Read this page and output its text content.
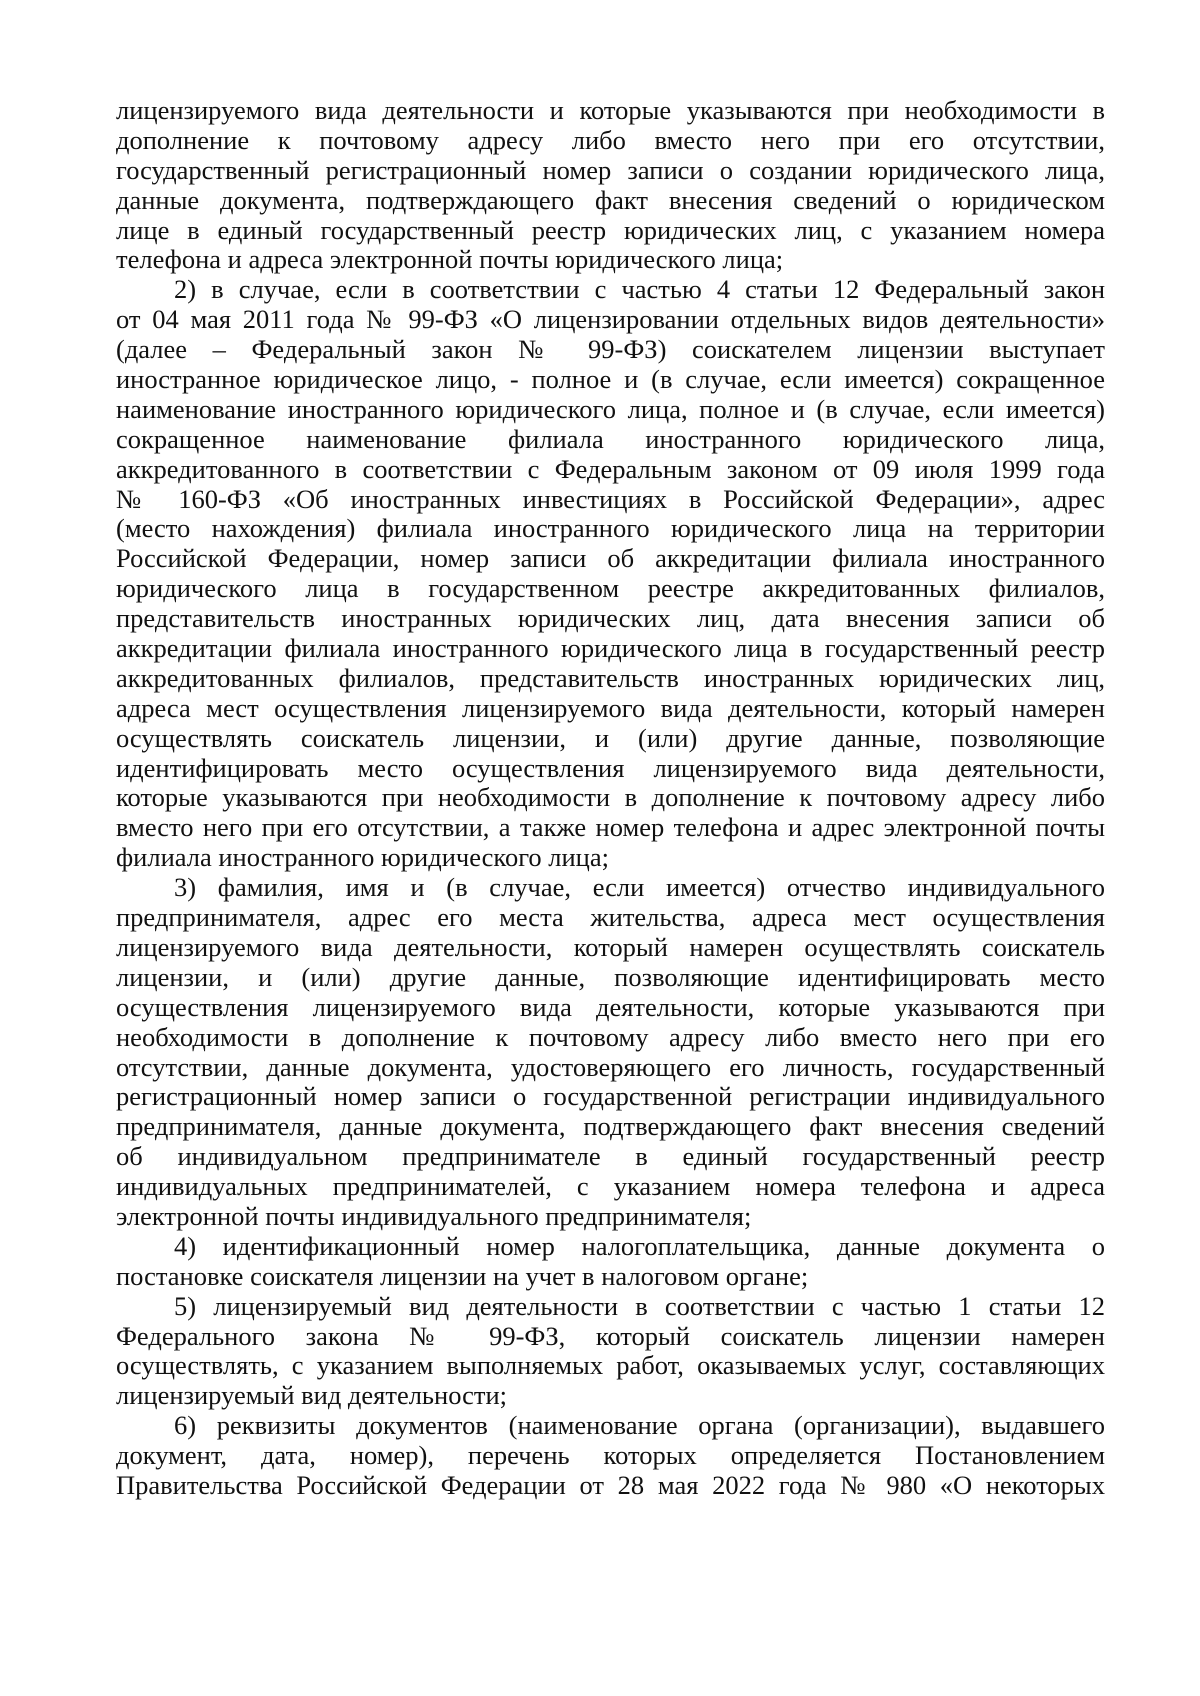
лицензируемого вида деятельности и которые указываются при необходимости в
дополнение к почтовому адресу либо вместо него при его отсутствии,
государственный регистрационный номер записи о создании юридического лица,
данные документа, подтверждающего факт внесения сведений о юридическом
лице в единый государственный реестр юридических лиц, с указанием номера
телефона и адреса электронной почты юридического лица;
2) в случае, если в соответствии с частью 4 статьи 12 Федеральный закон
от 04 мая 2011 года № 99-ФЗ «О лицензировании отдельных видов деятельности»
(далее – Федеральный закон № 99-ФЗ) соискателем лицензии выступает
иностранное юридическое лицо, - полное и (в случае, если имеется) сокращенное
наименование иностранного юридического лица, полное и (в случае, если имеется)
сокращенное наименование филиала иностранного юридического лица,
аккредитованного в соответствии с Федеральным законом от 09 июля 1999 года
№ 160-ФЗ «Об иностранных инвестициях в Российской Федерации», адрес
(место нахождения) филиала иностранного юридического лица на территории
Российской Федерации, номер записи об аккредитации филиала иностранного
юридического лица в государственном реестре аккредитованных филиалов,
представительств иностранных юридических лиц, дата внесения записи об
аккредитации филиала иностранного юридического лица в государственный реестр
аккредитованных филиалов, представительств иностранных юридических лиц,
адреса мест осуществления лицензируемого вида деятельности, который намерен
осуществлять соискатель лицензии, и (или) другие данные, позволяющие
идентифицировать место осуществления лицензируемого вида деятельности,
которые указываются при необходимости в дополнение к почтовому адресу либо
вместо него при его отсутствии, а также номер телефона и адрес электронной почты
филиала иностранного юридического лица;
3) фамилия, имя и (в случае, если имеется) отчество индивидуального
предпринимателя, адрес его места жительства, адреса мест осуществления
лицензируемого вида деятельности, который намерен осуществлять соискатель
лицензии, и (или) другие данные, позволяющие идентифицировать место
осуществления лицензируемого вида деятельности, которые указываются при
необходимости в дополнение к почтовому адресу либо вместо него при его
отсутствии, данные документа, удостоверяющего его личность, государственный
регистрационный номер записи о государственной регистрации индивидуального
предпринимателя, данные документа, подтверждающего факт внесения сведений
об индивидуальном предпринимателе в единый государственный реестр
индивидуальных предпринимателей, с указанием номера телефона и адреса
электронной почты индивидуального предпринимателя;
4) идентификационный номер налогоплательщика, данные документа о
постановке соискателя лицензии на учет в налоговом органе;
5) лицензируемый вид деятельности в соответствии с частью 1 статьи 12
Федерального закона № 99-ФЗ, который соискатель лицензии намерен
осуществлять, с указанием выполняемых работ, оказываемых услуг, составляющих
лицензируемый вид деятельности;
6) реквизиты документов (наименование органа (организации), выдавшего
документ, дата, номер), перечень которых определяется Постановлением
Правительства Российской Федерации от 28 мая 2022 года № 980 «О некоторых
